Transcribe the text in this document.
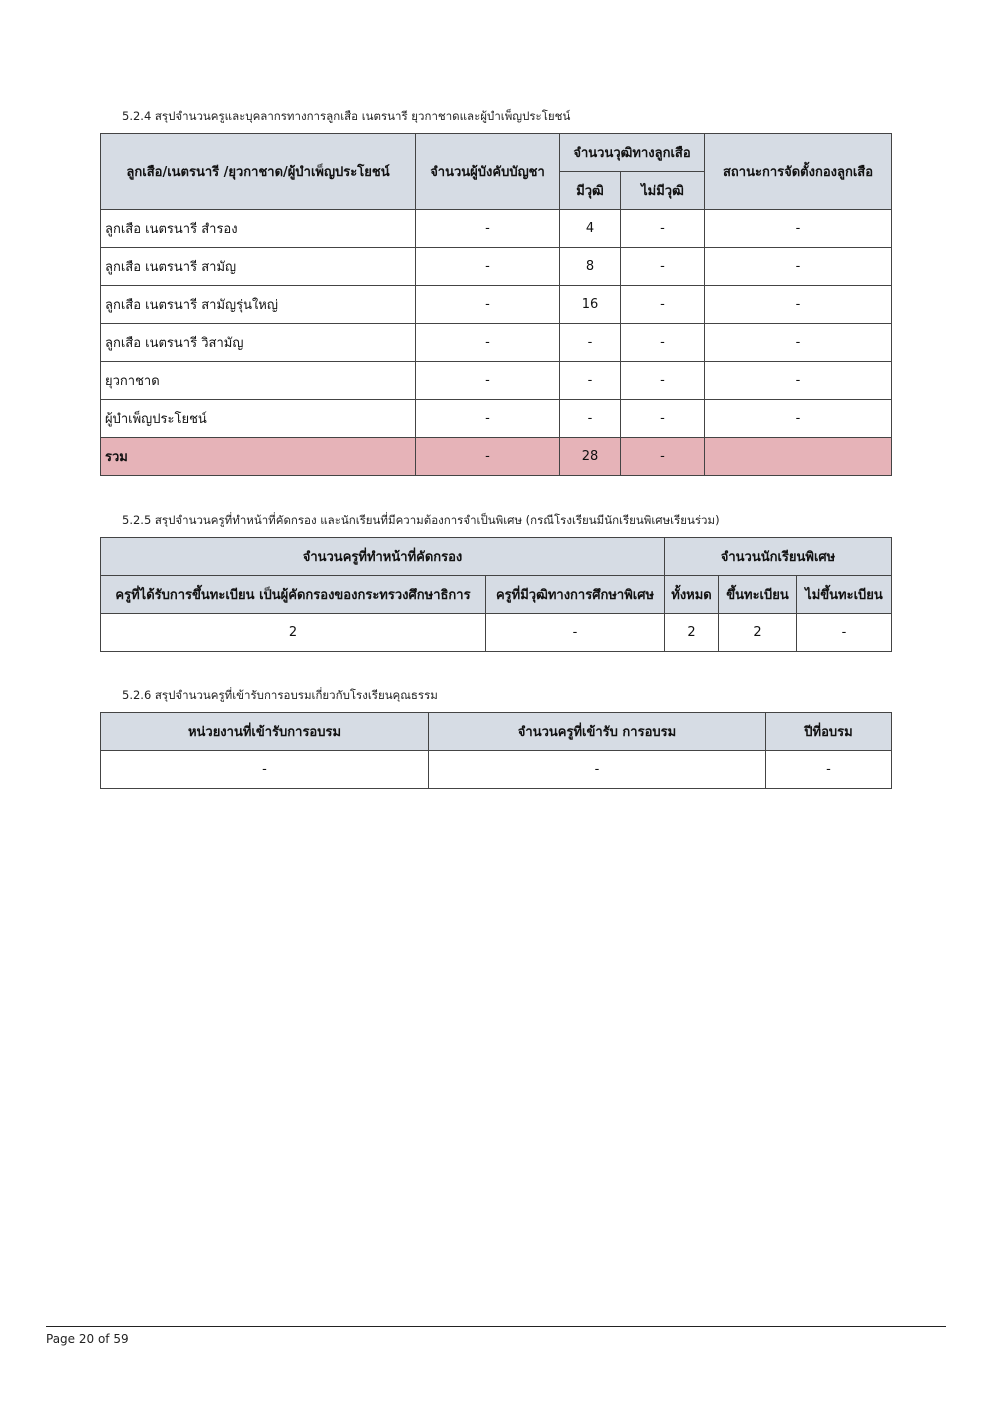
5.2.4 สรุปจำนวนครูและบุคลากรทางการลูกเสือ เนตรนารี ยุวกาชาดและผู้บำเพ็ญประโยชน์
ลูกเสือ/เนตรนารี /ยุวกาชาด/ผู้บำเพ็ญประโยชน์	จำนวนผู้บังคับบัญชา	จำนวนวุฒิทางลูกเสือ		สถานะการจัดตั้งกองลูกเสือ
		มีวุฒิ	ไม่มีวุฒิ	
ลูกเสือ เนตรนารี สำรอง	-	4	-	-
ลูกเสือ เนตรนารี สามัญ	-	8	-	-
ลูกเสือ เนตรนารี สามัญรุ่นใหญ่	-	16	-	-
ลูกเสือ เนตรนารี วิสามัญ	-	-	-	-
ยุวกาชาด	-	-	-	-
ผู้บำเพ็ญประโยชน์	-	-	-	-
รวม	-	28	-	
5.2.5 สรุปจำนวนครูที่ทำหน้าที่คัดกรอง และนักเรียนที่มีความต้องการจำเป็นพิเศษ (กรณีโรงเรียนมีนักเรียนพิเศษเรียนร่วม)
จำนวนครูที่ทำหน้าที่คัดกรอง		จำนวนนักเรียนพิเศษ		
ครูที่ได้รับการขึ้นทะเบียน เป็นผู้คัดกรองของกระทรวงศึกษาธิการ	ครูที่มีวุฒิทางการศึกษาพิเศษ	ทั้งหมด	ขึ้นทะเบียน	ไม่ขึ้นทะเบียน
2	-	2	2	-
5.2.6 สรุปจำนวนครูที่เข้ารับการอบรมเกี่ยวกับโรงเรียนคุณธรรม
หน่วยงานที่เข้ารับการอบรม	จำนวนครูที่เข้ารับ การอบรม	ปีที่อบรม
-	-	-
Page 20 of 59
